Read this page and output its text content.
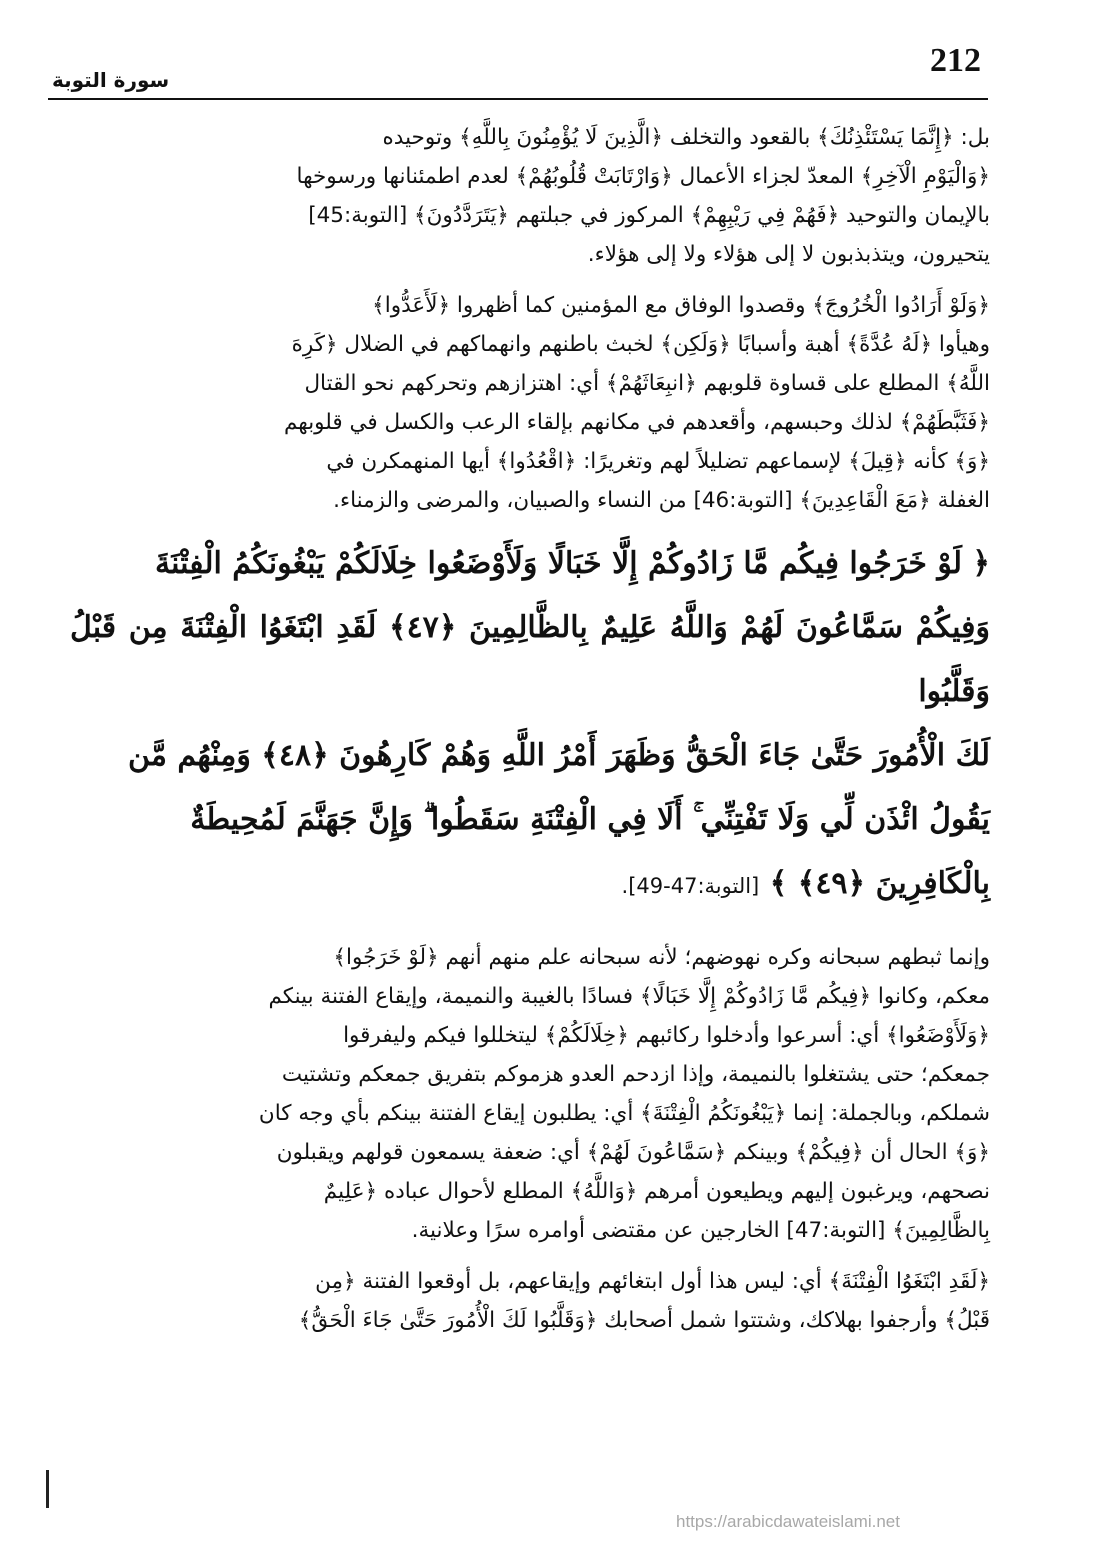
212
سورة التوبة

بل: ﴿إِنَّمَا يَسْتَئْذِنُكَ﴾ بالقعود والتخلف ﴿الَّذِينَ لَا يُؤْمِنُونَ بِاللَّهِ﴾ وتوحيده

﴿وَالْيَوْمِ الْآخِرِ﴾ المعدّ لجزاء الأعمال ﴿وَارْتَابَتْ قُلُوبُهُمْ﴾ لعدم اطمئنانها ورسوخها

بالإيمان والتوحيد ﴿فَهُمْ فِي رَيْبِهِمْ﴾ المركوز في جبلتهم ﴿يَتَرَدَّدُونَ﴾ [التوبة:45]

يتحيرون، ويتذبذبون لا إلى هؤلاء ولا إلى هؤلاء.

﴿وَلَوْ أَرَادُوا الْخُرُوجَ﴾ وقصدوا الوفاق مع المؤمنين كما أظهروا ﴿لَأَعَدُّوا﴾

وهيأوا ﴿لَهُ عُدَّةً﴾ أهبة وأسبابًا ﴿وَلَكِن﴾ لخبث باطنهم وانهماكهم في الضلال ﴿كَرِهَ

اللَّهُ﴾ المطلع على قساوة قلوبهم ﴿انبِعَاثَهُمْ﴾ أي: اهتزازهم وتحركهم نحو القتال

﴿فَثَبَّطَهُمْ﴾ لذلك وحبسهم، وأقعدهم في مكانهم بإلقاء الرعب والكسل في قلوبهم

﴿وَ﴾ كأنه ﴿قِيلَ﴾ لإسماعهم تضليلاً لهم وتغريرًا: ﴿اقْعُدُوا﴾ أيها المنهمكرن في

الغفلة ﴿مَعَ الْقَاعِدِينَ﴾ [التوبة:46] من النساء والصبيان، والمرضى والزمناء.

﴿ لَوْ خَرَجُوا فِيكُم مَّا زَادُوكُمْ إِلَّا خَبَالًا وَلَأَوْضَعُوا خِلَالَكُمْ يَبْغُونَكُمُ الْفِتْنَةَ

وَفِيكُمْ سَمَّاعُونَ لَهُمْ وَاللَّهُ عَلِيمٌ بِالظَّالِمِينَ ﴿٤٧﴾ لَقَدِ ابْتَغَوُا الْفِتْنَةَ مِن قَبْلُ وَقَلَّبُوا

لَكَ الْأُمُورَ حَتَّىٰ جَاءَ الْحَقُّ وَظَهَرَ أَمْرُ اللَّهِ وَهُمْ كَارِهُونَ ﴿٤٨﴾ وَمِنْهُم مَّن

يَقُولُ ائْذَن لِّي وَلَا تَفْتِنِّي ۚ أَلَا فِي الْفِتْنَةِ سَقَطُوا ۗ وَإِنَّ جَهَنَّمَ لَمُحِيطَةٌ

بِالْكَافِرِينَ ﴿٤٩﴾ ﴾ [التوبة:47-49].

وإنما ثبطهم سبحانه وكره نهوضهم؛ لأنه سبحانه علم منهم أنهم ﴿لَوْ خَرَجُوا﴾

معكم، وكانوا ﴿فِيكُم مَّا زَادُوكُمْ إِلَّا خَبَالًا﴾ فسادًا بالغيبة والنميمة، وإيقاع الفتنة بينكم

﴿وَلَأَوْضَعُوا﴾ أي: أسرعوا وأدخلوا ركائبهم ﴿خِلَالَكُمْ﴾ ليتخللوا فيكم وليفرقوا

جمعكم؛ حتى يشتغلوا بالنميمة، وإذا ازدحم العدو هزموكم بتفريق جمعكم وتشتيت

شملكم، وبالجملة: إنما ﴿يَبْغُونَكُمُ الْفِتْنَةَ﴾ أي: يطلبون إيقاع الفتنة بينكم بأي وجه كان

﴿وَ﴾ الحال أن ﴿فِيكُمْ﴾ وبينكم ﴿سَمَّاعُونَ لَهُمْ﴾ أي: ضعفة يسمعون قولهم ويقبلون

نصحهم، ويرغبون إليهم ويطيعون أمرهم ﴿وَاللَّهُ﴾ المطلع لأحوال عباده ﴿عَلِيمٌ

بِالظَّالِمِينَ﴾ [التوبة:47] الخارجين عن مقتضى أوامره سرًا وعلانية.

﴿لَقَدِ ابْتَغَوُا الْفِتْنَةَ﴾ أي: ليس هذا أول ابتغائهم وإيقاعهم، بل أوقعوا الفتنة ﴿مِن

قَبْلُ﴾ وأرجفوا بهلاكك، وشتتوا شمل أصحابك ﴿وَقَلَّبُوا لَكَ الْأُمُورَ حَتَّىٰ جَاءَ الْحَقُّ﴾

https://arabicdawateislami.net
